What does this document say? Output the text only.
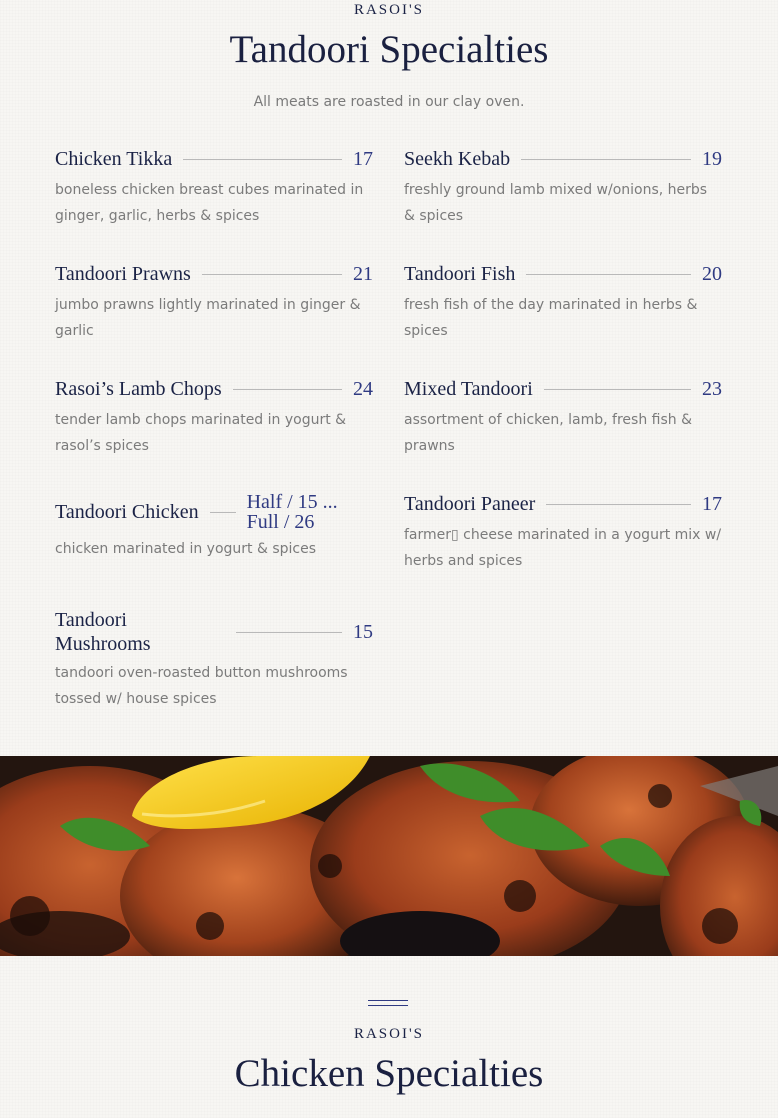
RASOI'S
Tandoori Specialties
All meats are roasted in our clay oven.
Chicken Tikka	17
boneless chicken breast cubes marinated in ginger, garlic, herbs & spices
Seekh Kebab	19
freshly ground lamb mixed w/onions, herbs & spices
Tandoori Prawns	21
jumbo prawns lightly marinated in ginger & garlic
Tandoori Fish	20
fresh fish of the day marinated in herbs & spices
Rasoi’s Lamb Chops	24
tender lamb chops marinated in yogurt & rasol’s spices
Mixed Tandoori	23
assortment of chicken, lamb, fresh fish & prawns
Tandoori Chicken Half / 15 ...
Full / 26
chicken marinated in yogurt & spices
Tandoori Paneer	17
farmer▯ cheese marinated in a yogurt mix w/ herbs and spices
Tandoori Mushrooms
15
tandoori oven-roasted button mushrooms tossed w/ house spices
RASOI'S
Chicken Specialties
